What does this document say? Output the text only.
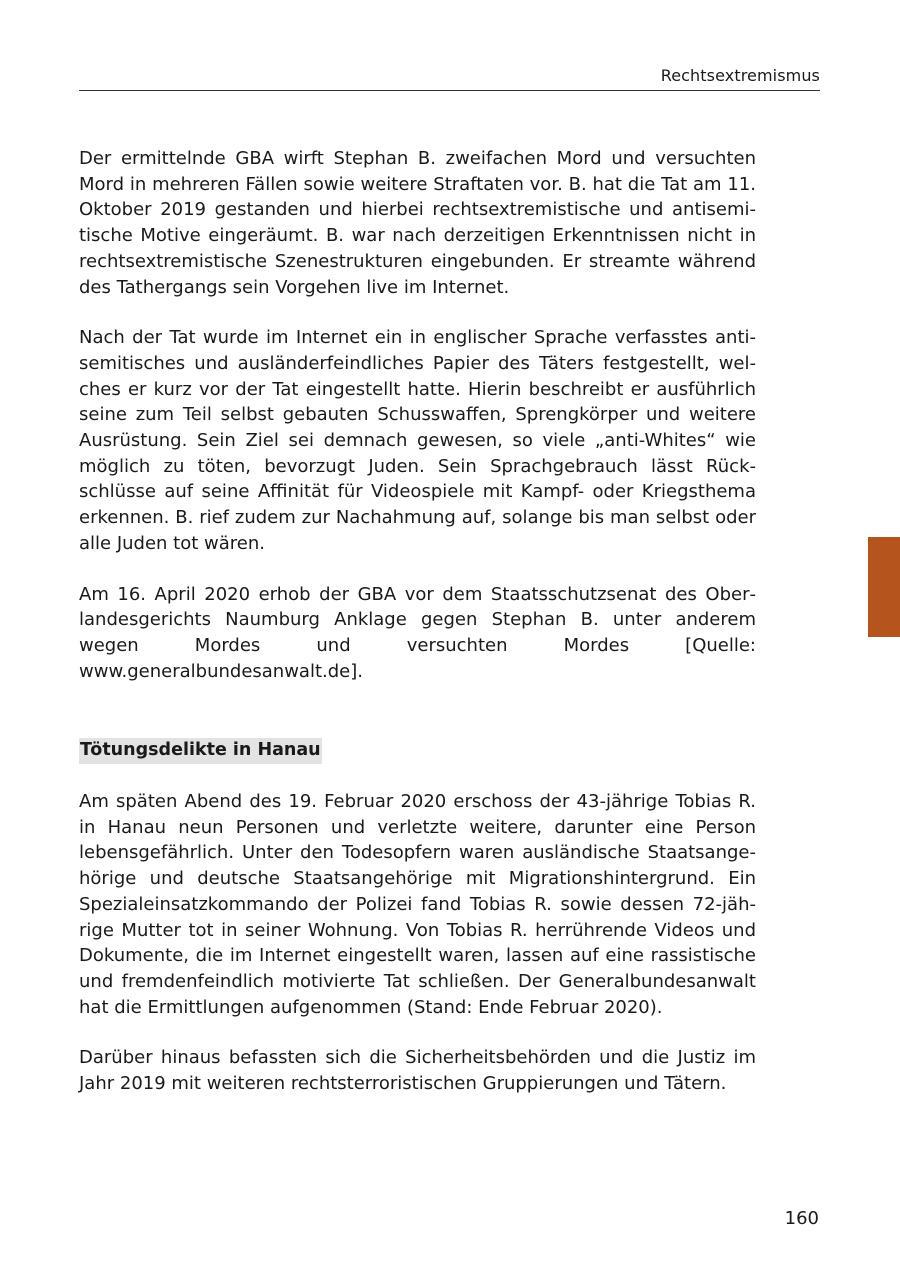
Rechtsextremismus

Der ermittelnde GBA wirft Stephan B. zweifachen Mord und versuchten Mord in mehreren Fällen sowie weitere Straftaten vor. B. hat die Tat am 11. Oktober 2019 gestanden und hierbei rechtsextremistische und antisemitische Motive eingeräumt. B. war nach derzeitigen Erkenntnissen nicht in rechtsextremistische Szenestrukturen eingebunden. Er streamte während des Tathergangs sein Vorgehen live im Internet.

Nach der Tat wurde im Internet ein in englischer Sprache verfasstes antisemitisches und ausländerfeindliches Papier des Täters festgestellt, welches er kurz vor der Tat eingestellt hatte. Hierin beschreibt er ausführlich seine zum Teil selbst gebauten Schusswaffen, Sprengkörper und weitere Ausrüstung. Sein Ziel sei demnach gewesen, so viele „anti-Whites“ wie möglich zu töten, bevorzugt Juden. Sein Sprachgebrauch lässt Rückschlüsse auf seine Affinität für Videospiele mit Kampf- oder Kriegsthema erkennen. B. rief zudem zur Nachahmung auf, solange bis man selbst oder alle Juden tot wären.

Am 16. April 2020 erhob der GBA vor dem Staatsschutzsenat des Oberlandesgerichts Naumburg Anklage gegen Stephan B. unter anderem wegen Mordes und versuchten Mordes [Quelle: www.generalbundesanwalt.de].

Tötungsdelikte in Hanau

Am späten Abend des 19. Februar 2020 erschoss der 43-jährige Tobias R. in Hanau neun Personen und verletzte weitere, darunter eine Person lebensgefährlich. Unter den Todesopfern waren ausländische Staatsangehörige und deutsche Staatsangehörige mit Migrationshintergrund. Ein Spezialeinsatzkommando der Polizei fand Tobias R. sowie dessen 72-jährige Mutter tot in seiner Wohnung. Von Tobias R. herrührende Videos und Dokumente, die im Internet eingestellt waren, lassen auf eine rassistische und fremdenfeindlich motivierte Tat schließen. Der Generalbundesanwalt hat die Ermittlungen aufgenommen (Stand: Ende Februar 2020).

Darüber hinaus befassten sich die Sicherheitsbehörden und die Justiz im Jahr 2019 mit weiteren rechtsterroristischen Gruppierungen und Tätern.

160
